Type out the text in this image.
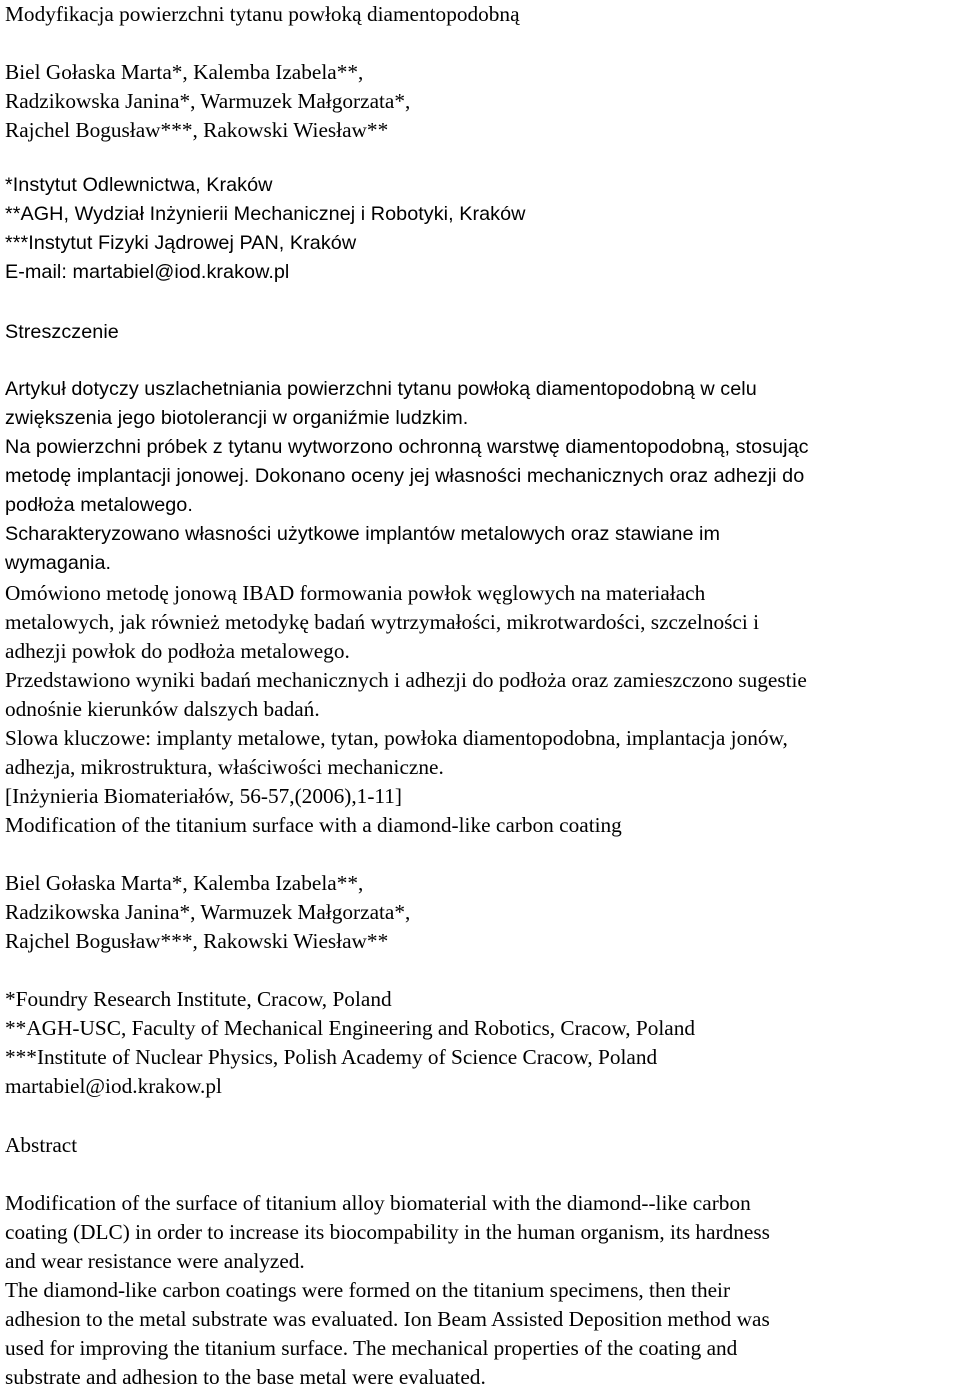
Modyfikacja powierzchni tytanu powłoką diamentopodobną
Biel Gołaska Marta*, Kalemba Izabela**,
Radzikowska Janina*, Warmuzek Małgorzata*,
Rajchel Bogusław***, Rakowski Wiesław**
*Instytut Odlewnictwa, Kraków
**AGH, Wydział Inżynierii Mechanicznej i Robotyki, Kraków
***Instytut Fizyki Jądrowej PAN, Kraków
E-mail: martabiel@iod.krakow.pl
Streszczenie
Artykuł dotyczy uszlachetniania powierzchni tytanu powłoką diamentopodobną w celu
zwiększenia jego biotolerancji w organiźmie ludzkim.
Na powierzchni próbek z tytanu wytworzono ochronną warstwę diamentopodobną, stosując
metodę implantacji jonowej. Dokonano oceny jej własności mechanicznych oraz adhezji do
podłoża metalowego.
Scharakteryzowano własności użytkowe implantów metalowych oraz stawiane im
wymagania.
Omówiono metodę jonową IBAD formowania powłok węglowych na materiałach
metalowych, jak również metodykę badań wytrzymałości, mikrotwardości, szczelności i
adhezji powłok do podłoża metalowego.
Przedstawiono wyniki badań mechanicznych i adhezji do podłoża oraz zamieszczono sugestie
odnośnie kierunków dalszych badań.
Slowa kluczowe: implanty metalowe, tytan, powłoka diamentopodobna, implantacja jonów,
adhezja, mikrostruktura, właściwości mechaniczne.
[Inżynieria Biomateriałów, 56-57,(2006),1-11]
Modification of the titanium surface with a diamond-like carbon coating
Biel Gołaska Marta*, Kalemba Izabela**,
Radzikowska Janina*, Warmuzek Małgorzata*,
Rajchel Bogusław***, Rakowski Wiesław**
*Foundry Research Institute, Cracow, Poland
**AGH-USC, Faculty of Mechanical Engineering and Robotics, Cracow, Poland
***Institute of Nuclear Physics, Polish Academy of Science Cracow, Poland
martabiel@iod.krakow.pl
Abstract
Modification of the surface of titanium alloy biomaterial with the diamond--like carbon
coating (DLC) in order to increase its biocompability in the human organism, its hardness
and wear resistance were analyzed.
The diamond-like carbon coatings were formed on the titanium specimens, then their
adhesion to the metal substrate was evaluated. Ion Beam Assisted Deposition method was
used for improving the titanium surface. The mechanical properties of the coating and
substrate and adhesion to the base metal were evaluated.
